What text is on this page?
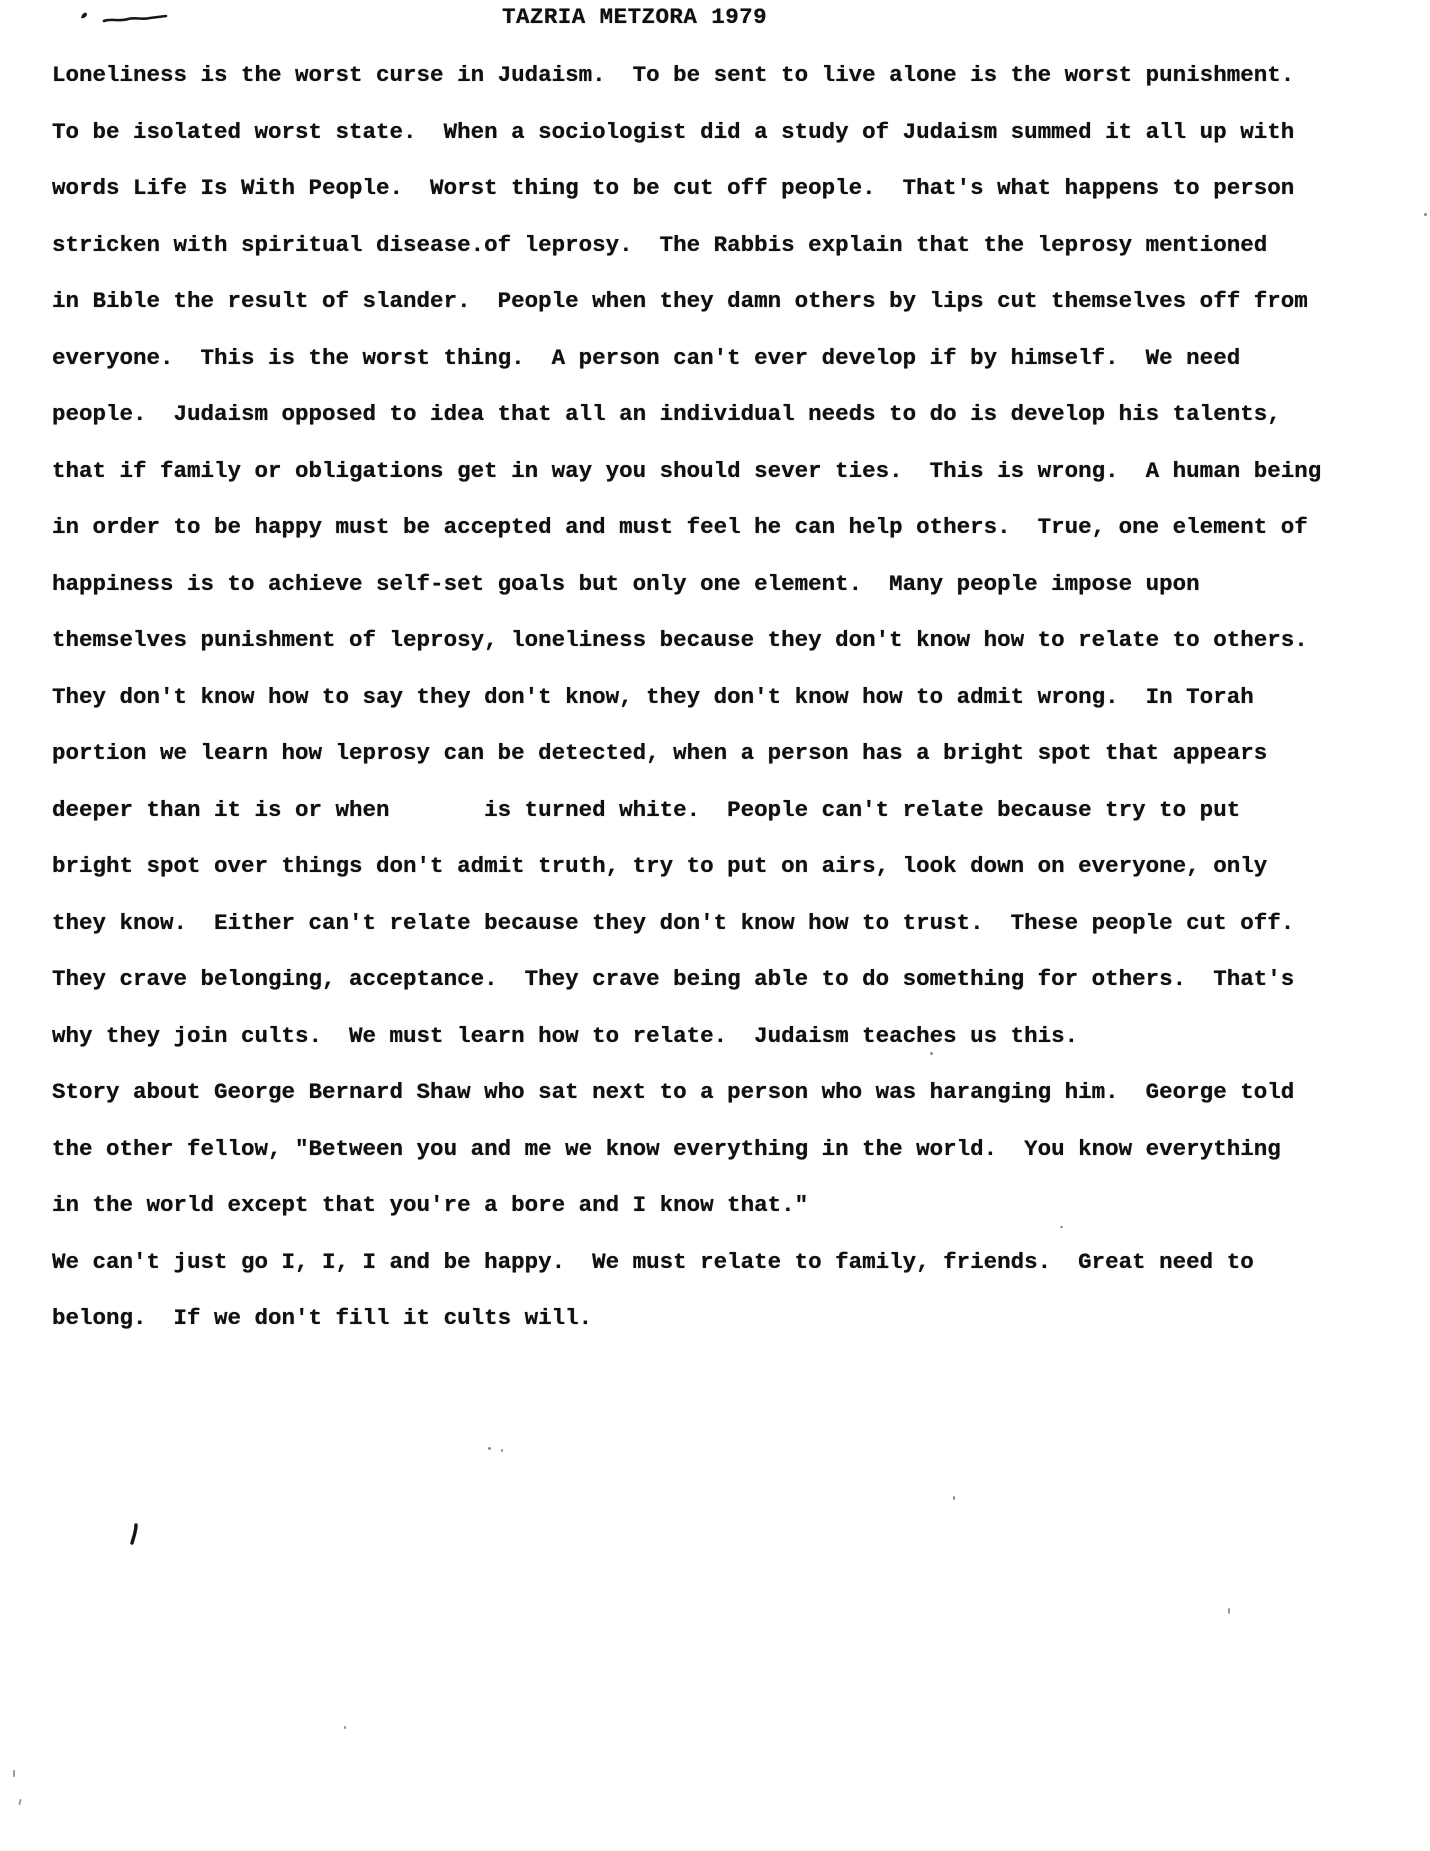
TAZRIA METZORA 1979
Loneliness is the worst curse in Judaism.  To be sent to live alone is the worst punishment.
To be isolated worst state.  When a sociologist did a study of Judaism summed it all up with
words Life Is With People.  Worst thing to be cut off people.  That's what happens to person
stricken with spiritual disease.of leprosy.  The Rabbis explain that the leprosy mentioned
in Bible the result of slander.  People when they damn others by lips cut themselves off from
everyone.  This is the worst thing.  A person can't ever develop if by himself.  We need
people.  Judaism opposed to idea that all an individual needs to do is develop his talents,
that if family or obligations get in way you should sever ties.  This is wrong.  A human being
in order to be happy must be accepted and must feel he can help others.  True, one element of
happiness is to achieve self-set goals but only one element.  Many people impose upon
themselves punishment of leprosy, loneliness because they don't know how to relate to others.
They don't know how to say they don't know, they don't know how to admit wrong.  In Torah
portion we learn how leprosy can be detected, when a person has a bright spot that appears
deeper than it is or when       is turned white.  People can't relate because try to put
bright spot over things don't admit truth, try to put on airs, look down on everyone, only
they know.  Either can't relate because they don't know how to trust.  These people cut off.
They crave belonging, acceptance.  They crave being able to do something for others.  That's
why they join cults.  We must learn how to relate.  Judaism teaches us this.
Story about George Bernard Shaw who sat next to a person who was haranging him.  George told
the other fellow, "Between you and me we know everything in the world.  You know everything
in the world except that you're a bore and I know that."
We can't just go I, I, I and be happy.  We must relate to family, friends.  Great need to
belong.  If we don't fill it cults will.
